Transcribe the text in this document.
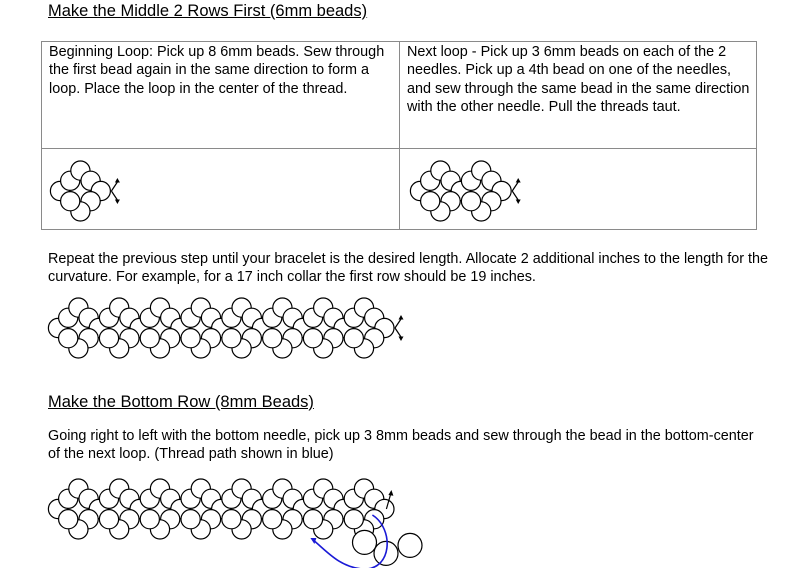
Make the Middle 2 Rows First (6mm beads)
Beginning Loop: Pick up 8 6mm beads. Sew through the first bead again in the same direction to form a loop. Place the loop in the center of the thread.	Next loop - Pick up 3 6mm beads on each of the 2 needles. Pick up a 4th bead on one of the needles, and sew through the same bead in the same direction with the other needle. Pull the threads taut.

Repeat the previous step until your bracelet is the desired length. Allocate 2 additional inches to the length for the curvature. For example, for a 17 inch collar the first row should be 19 inches.
Make the Bottom Row (8mm Beads)
Going right to left with the bottom needle, pick up 3 8mm beads and sew through the bead in the bottom-center of the next loop. (Thread path shown in blue)
